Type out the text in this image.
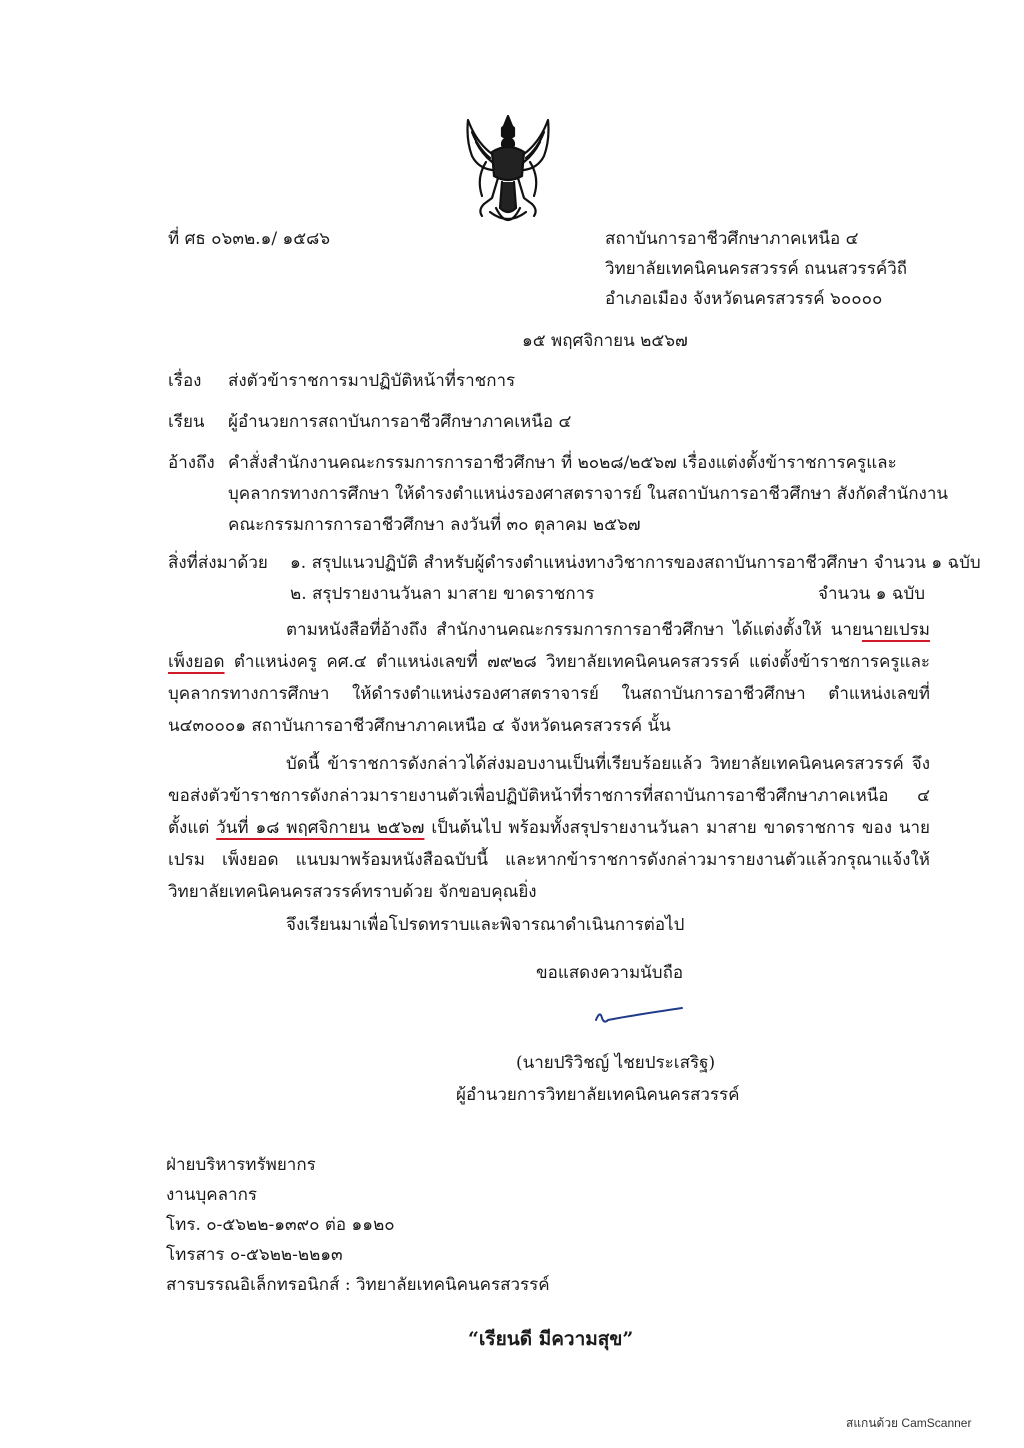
ที่ ศธ ๐๖๓๒.๑/ ๑๕๘๖	สถาบันการอาชีวศึกษาภาคเหนือ ๔
วิทยาลัยเทคนิคนครสวรรค์ ถนนสวรรค์วิถี
อำเภอเมือง จังหวัดนครสวรรค์ ๖๐๐๐๐
๑๕ พฤศจิกายน ๒๕๖๗
เรื่อง ส่งตัวข้าราชการมาปฏิบัติหน้าที่ราชการ
เรียน ผู้อำนวยการสถาบันการอาชีวศึกษาภาคเหนือ ๔
อ้างถึง คำสั่งสำนักงานคณะกรรมการการอาชีวศึกษา ที่ ๒๐๒๘/๒๕๖๗ เรื่องแต่งตั้งข้าราชการครูและ
บุคลากรทางการศึกษา ให้ดำรงตำแหน่งรองศาสตราจารย์ ในสถาบันการอาชีวศึกษา สังกัดสำนักงาน
คณะกรรมการการอาชีวศึกษา ลงวันที่ ๓๐ ตุลาคม ๒๕๖๗
สิ่งที่ส่งมาด้วย ๑. สรุปแนวปฏิบัติ สำหรับผู้ดำรงตำแหน่งทางวิชาการของสถาบันการอาชีวศึกษา จำนวน ๑ ฉบับ
๒. สรุปรายงานวันลา มาสาย ขาดราชการ	จำนวน ๑ ฉบับ
ตามหนังสือที่อ้างถึง สำนักงานคณะกรรมการการอาชีวศึกษา ได้แต่งตั้งให้ นายนายเปรม เพ็งยอด ตำแหน่งครู คศ.๔ ตำแหน่งเลขที่ ๗๙๒๘ วิทยาลัยเทคนิคนครสวรรค์ แต่งตั้งข้าราชการครูและบุคลากรทางการศึกษา ให้ดำรงตำแหน่งรองศาสตราจารย์ ในสถาบันการอาชีวศึกษา ตำแหน่งเลขที่ น๔๓๐๐๐๑ สถาบันการอาชีวศึกษาภาคเหนือ ๔ จังหวัดนครสวรรค์ นั้น
บัดนี้ ข้าราชการดังกล่าวได้ส่งมอบงานเป็นที่เรียบร้อยแล้ว วิทยาลัยเทคนิคนครสวรรค์ จึงขอส่งตัวข้าราชการดังกล่าวมารายงานตัวเพื่อปฏิบัติหน้าที่ราชการที่สถาบันการอาชีวศึกษาภาคเหนือ ๔ ตั้งแต่ วันที่ ๑๘ พฤศจิกายน ๒๕๖๗ เป็นต้นไป พร้อมทั้งสรุปรายงานวันลา มาสาย ขาดราชการ ของ นายเปรม เพ็งยอด แนบมาพร้อมหนังสือฉบับนี้ และหากข้าราชการดังกล่าวมารายงานตัวแล้วกรุณาแจ้งให้วิทยาลัยเทคนิคนครสวรรค์ทราบด้วย จักขอบคุณยิ่ง
จึงเรียนมาเพื่อโปรดทราบและพิจารณาดำเนินการต่อไป
ขอแสดงความนับถือ
(นายปริวิชญ์ ไชยประเสริฐ)
ผู้อำนวยการวิทยาลัยเทคนิคนครสวรรค์
ฝ่ายบริหารทรัพยากร
งานบุคลากร
โทร. ๐-๕๖๒๒-๑๓๙๐ ต่อ ๑๑๒๐
โทรสาร ๐-๕๖๒๒-๒๒๑๓
สารบรรณอิเล็กทรอนิกส์ : วิทยาลัยเทคนิคนครสวรรค์
“เรียนดี มีความสุข”
สแกนด้วย CamScanner
